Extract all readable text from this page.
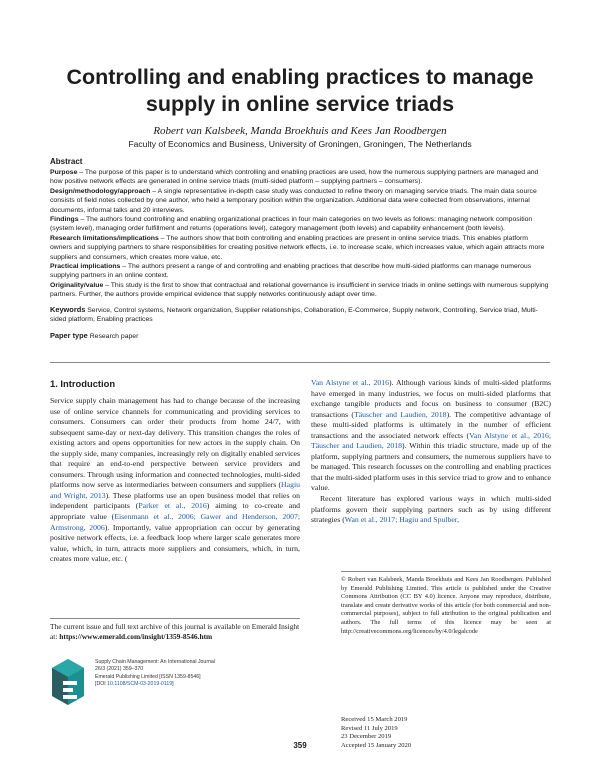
Controlling and enabling practices to manage supply in online service triads
Robert van Kalsbeek, Manda Broekhuis and Kees Jan Roodbergen
Faculty of Economics and Business, University of Groningen, Groningen, The Netherlands
Abstract

Purpose – The purpose of this paper is to understand which controlling and enabling practices are used, how the numerous supplying partners are managed and how positive network effects are generated in online service triads (multi-sided platform – supplying partners – consumers).

Design/methodology/approach – A single representative in-depth case study was conducted to refine theory on managing service triads. The main data source consists of field notes collected by one author, who held a temporary position within the organization. Additional data were collected from observations, internal documents, informal talks and 20 interviews.

Findings – The authors found controlling and enabling organizational practices in four main categories on two levels as follows: managing network composition (system level), managing order fulfillment and returns (operations level), category management (both levels) and capability enhancement (both levels).

Research limitations/implications – The authors show that both controlling and enabling practices are present in online service triads. This enables platform owners and supplying partners to share responsibilities for creating positive network effects, i.e. to increase scale, which increases value, which again attracts more suppliers and consumers, which creates more value, etc.

Practical implications – The authors present a range of and controlling and enabling practices that describe how multi-sided platforms can manage numerous supplying partners in an online context.

Originality/value – This study is the first to show that contractual and relational governance is insufficient in service triads in online settings with numerous supplying partners. Further, the authors provide empirical evidence that supply networks continuously adapt over time.

Keywords Service, Control systems, Network organization, Supplier relationships, Collaboration, E-Commerce, Supply network, Controlling, Service triad, Multi-sided platform, Enabling practices

Paper type Research paper

1. Introduction

Service supply chain management has had to change because of the increasing use of online service channels for communicating and providing services to consumers. Consumers can order their products from home 24/7, with subsequent same-day or next-day delivery. This transition changes the roles of existing actors and opens opportunities for new actors in the supply chain. On the supply side, many companies, increasingly rely on digitally enabled services that require an end-to-end perspective between service providers and consumers. Through using information and connected technologies, multi-sided platforms now serve as intermediaries between consumers and suppliers (Hagiu and Wright, 2013). These platforms use an open business model that relies on independent participants (Parker et al., 2016) aiming to co-create and appropriate value (Eisenmann et al., 2006; Gawer and Henderson, 2007; Armstrong, 2006). Importantly, value appropriation can occur by generating positive network effects, i.e. a feedback loop where larger scale generates more value, which, in turn, attracts more suppliers and consumers, which, in turn, creates more value, etc. (

Van Alstyne et al., 2016). Although various kinds of multi-sided platforms have emerged in many industries, we focus on multi-sided platforms that exchange tangible products and focus on business to consumer (B2C) transactions (Täuscher and Laudien, 2018). The competitive advantage of these multi-sided platforms is ultimately in the number of efficient transactions and the associated network effects (Van Alstyne et al., 2016; Täuscher and Laudien, 2018). Within this triadic structure, made up of the platform, supplying partners and consumers, the numerous suppliers have to be managed. This research focusses on the controlling and enabling practices that the multi-sided platform uses in this service triad to grow and to enhance value.

Recent literature has explored various ways in which multi-sided platforms govern their supplying partners such as by using different strategies (Wan et al., 2017; Hagiu and Spulber,

The current issue and full text archive of this journal is available on Emerald Insight at: https://www.emerald.com/insight/1359-8546.htm
Supply Chain Management: An International Journal
26/3 (2021) 359–370
Emerald Publishing Limited [ISSN 1359-8546]
[DOI 10.1108/SCM-03-2019-0119]
© Robert van Kalsbeek, Manda Broekhuis and Kees Jan Roodbergen. Published by Emerald Publishing Limited. This article is published under the Creative Commons Attribution (CC BY 4.0) licence. Anyone may reproduce, distribute, translate and create derivative works of this article (for both commercial and non-commercial purposes), subject to full attribution to the original publication and authors. The full terms of this licence may be seen at http://creativecommons.org/licences/by/4.0/legalcode
Received 15 March 2019
Revised 11 July 2019
23 December 2019
Accepted 15 January 2020
359
